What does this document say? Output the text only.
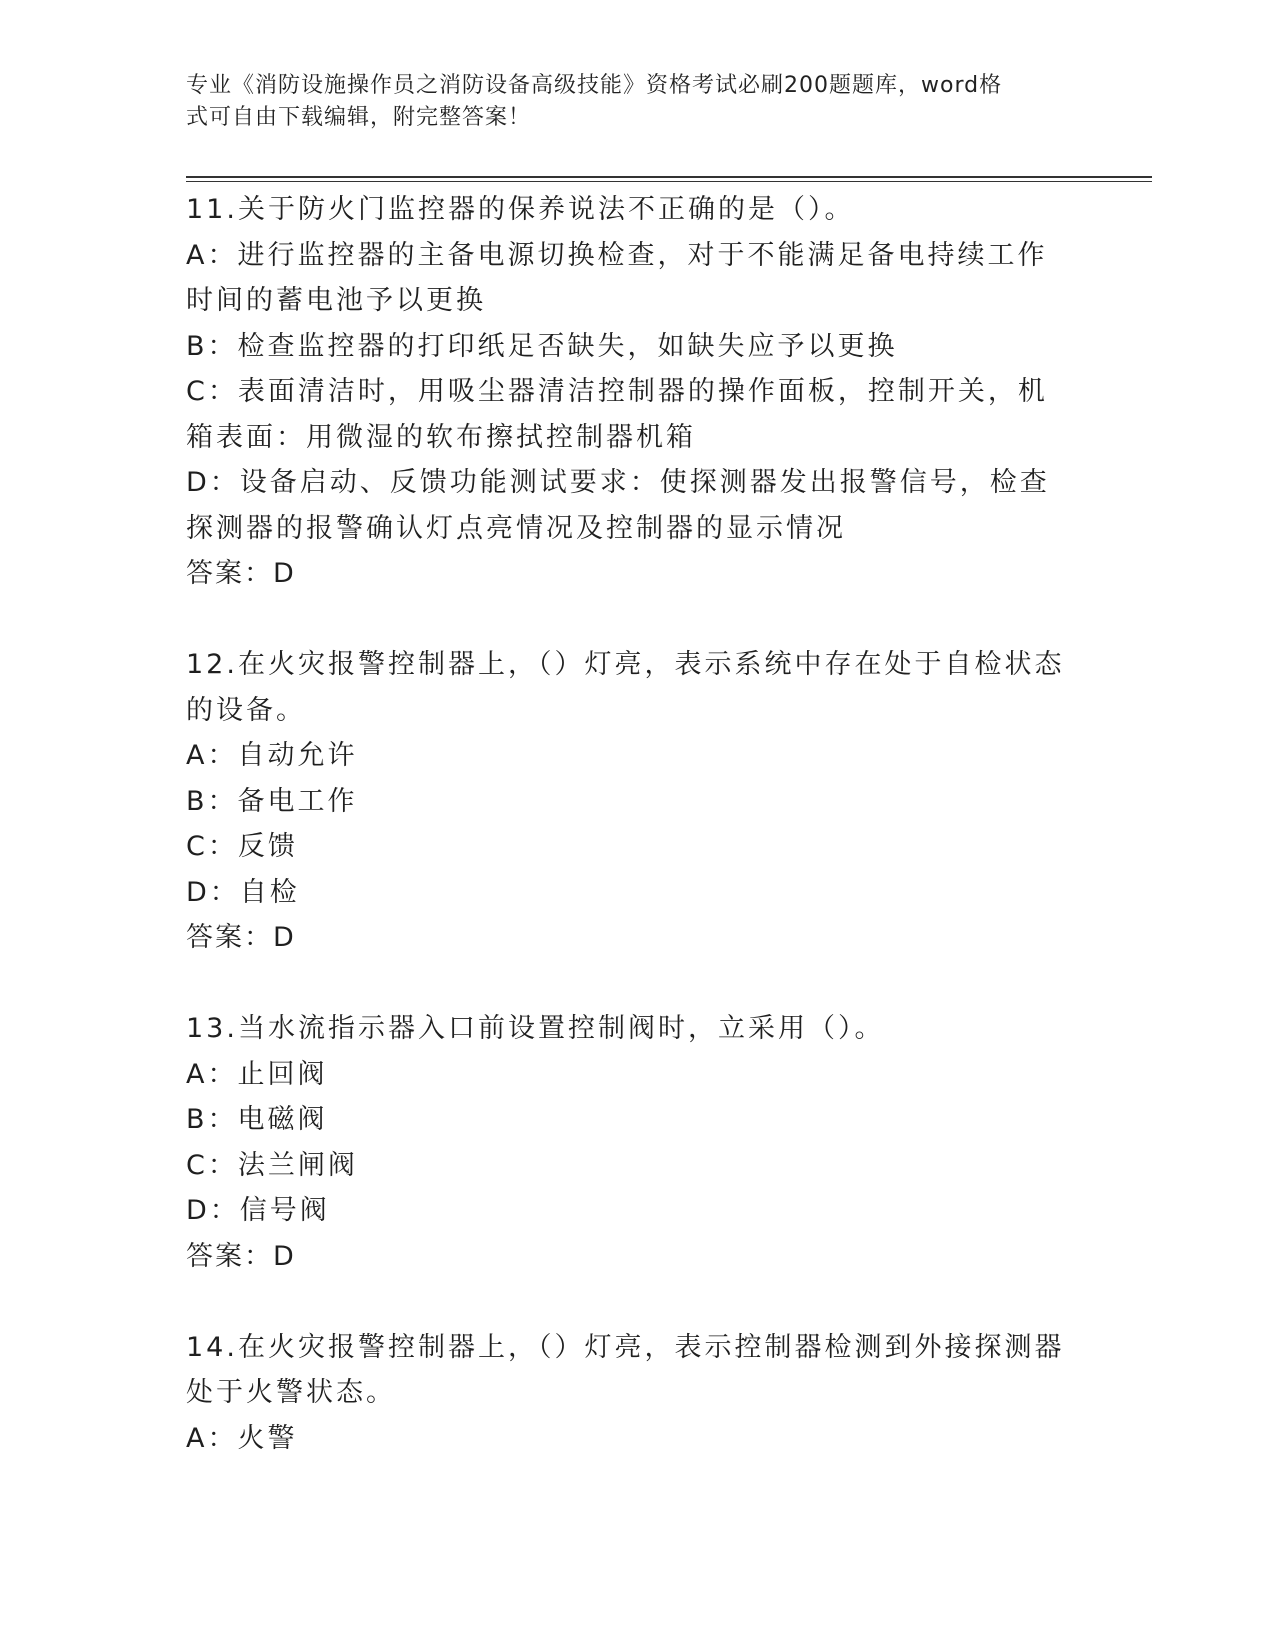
专业《消防设施操作员之消防设备高级技能》资格考试必刷200题题库，word格
式可自由下载编辑，附完整答案！

11.关于防火门监控器的保养说法不正确的是（）。

A：进行监控器的主备电源切换检查，对于不能满足备电持续工作时间的蓄电池予以更换

B：检查监控器的打印纸足否缺失，如缺失应予以更换

C：表面清洁时，用吸尘器清洁控制器的操作面板，控制开关，机箱表面：用微湿的软布擦拭控制器机箱

D：设备启动、反馈功能测试要求：使探测器发出报警信号，检查探测器的报警确认灯点亮情况及控制器的显示情况

答案：D

12.在火灾报警控制器上，（）灯亮，表示系统中存在处于自检状态的设备。

A：自动允许

B：备电工作

C：反馈

D：自检

答案：D

13.当水流指示器入口前设置控制阀时，立采用（）。

A：止回阀

B：电磁阀

C：法兰闸阀

D：信号阀

答案：D

14.在火灾报警控制器上，（）灯亮，表示控制器检测到外接探测器处于火警状态。

A：火警
